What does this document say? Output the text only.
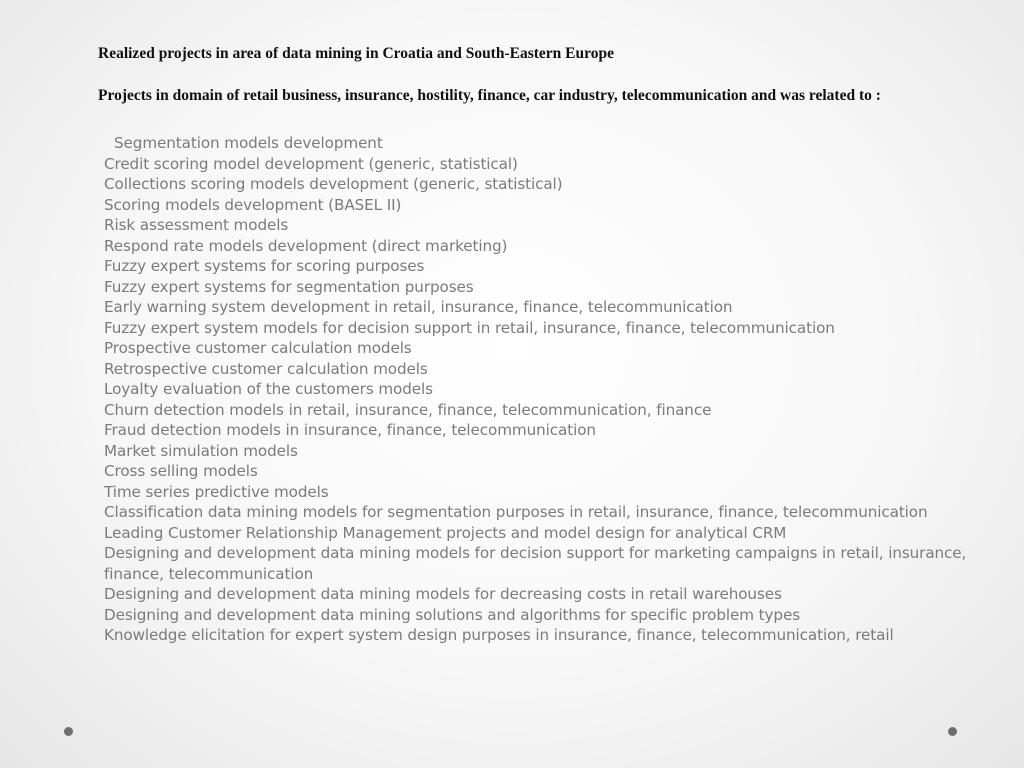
Realized projects in area of data mining in Croatia and South-Eastern Europe

Projects in domain of retail business, insurance, hostility, finance, car industry, telecommunication and was related to :

Segmentation models development
Credit scoring model development (generic, statistical)
Collections scoring models development (generic, statistical)
Scoring models development (BASEL II)
Risk assessment models
Respond rate models development (direct marketing)
Fuzzy expert systems for scoring purposes
Fuzzy expert systems for segmentation purposes
Early warning system development in retail, insurance, finance, telecommunication
Fuzzy expert system models for decision support in retail, insurance, finance, telecommunication
Prospective customer calculation models
Retrospective customer calculation models
Loyalty evaluation of the customers models
Churn detection models in retail, insurance, finance, telecommunication, finance
Fraud detection models in insurance, finance, telecommunication
Market simulation models
Cross selling models
Time series predictive models
Classification data mining models for segmentation purposes in retail, insurance, finance, telecommunication
Leading Customer Relationship Management projects and model design for analytical CRM
Designing and development data mining models for decision support for marketing campaigns in retail, insurance, finance, telecommunication
Designing and development data mining models for decreasing costs in retail warehouses
Designing and development data mining solutions and algorithms for specific problem types
Knowledge elicitation for expert system design purposes in insurance, finance, telecommunication, retail
